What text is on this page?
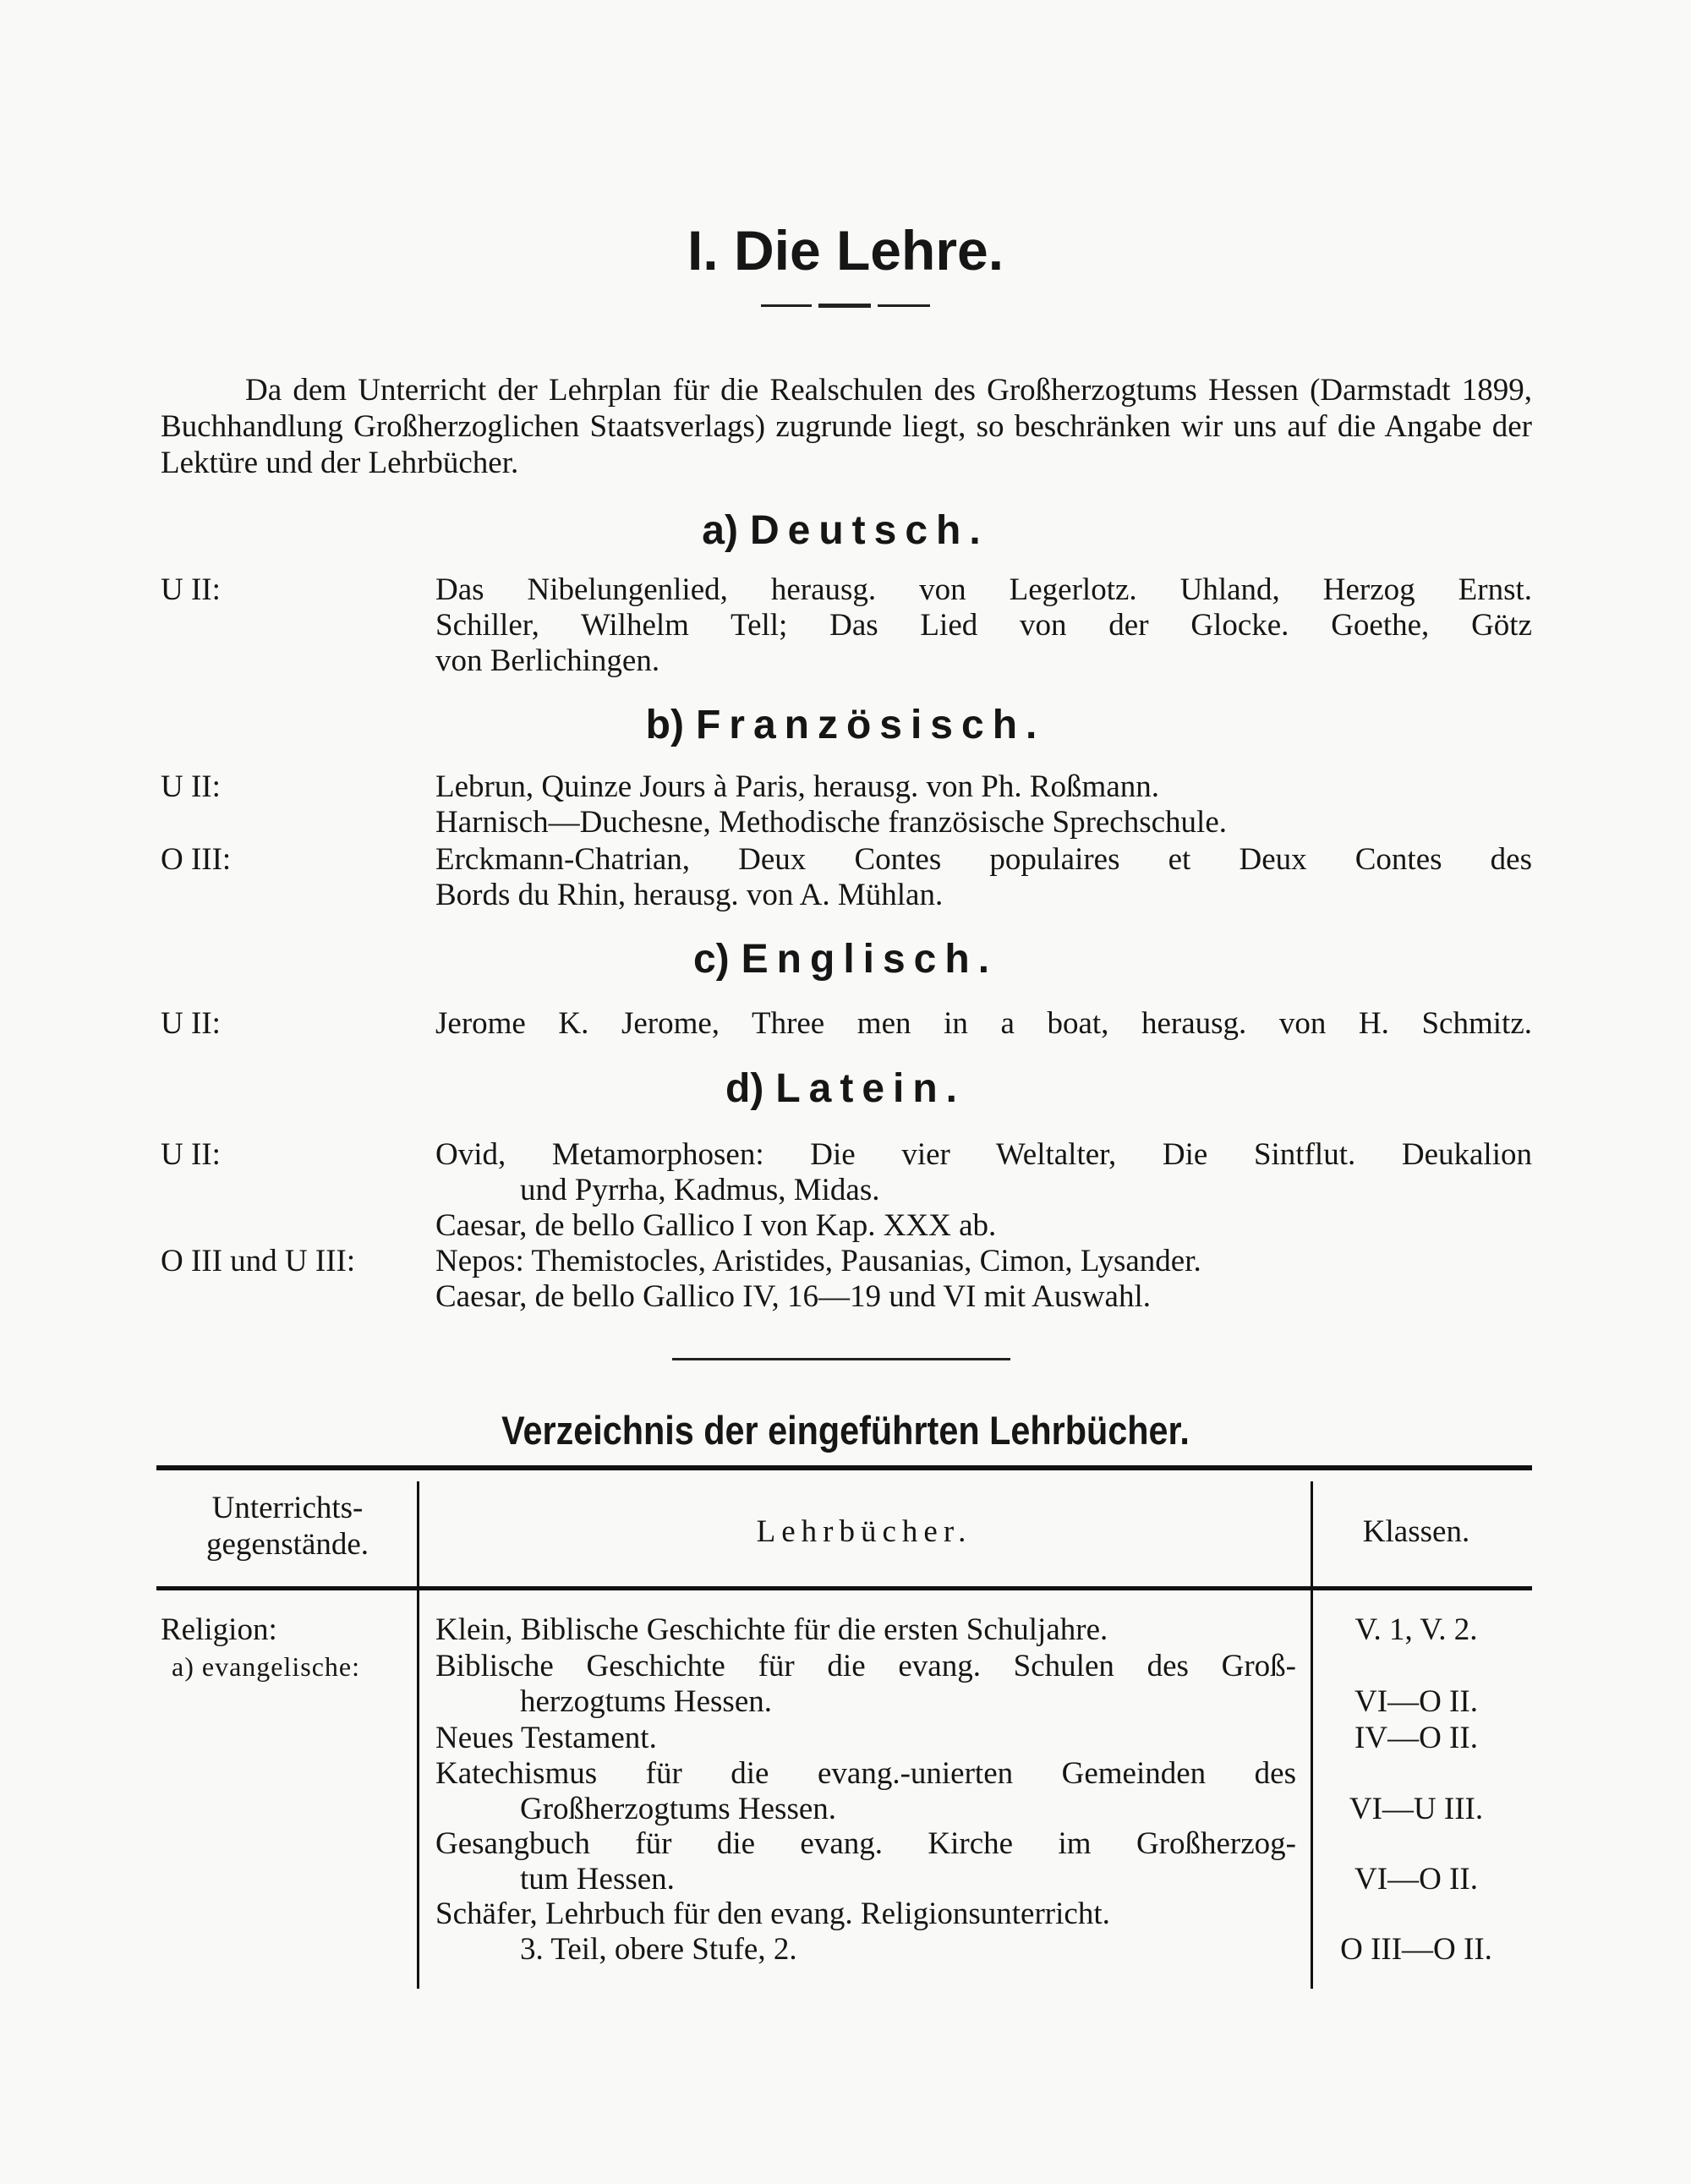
I. Die Lehre.

Da dem Unterricht der Lehrplan für die Realschulen des Großherzogtums Hessen (Darmstadt 1899, Buchhandlung Großherzoglichen Staatsverlags) zugrunde liegt, so beschränken wir uns auf die Angabe der Lektüre und der Lehrbücher.

a) Deutsch.
U II:	Das Nibelungenlied, herausg. von Legerlotz. Uhland, Herzog Ernst.
Schiller, Wilhelm Tell; Das Lied von der Glocke. Goethe, Götz
von Berlichingen.
b) Französisch.
U II:	Lebrun, Quinze Jours à Paris, herausg. von Ph. Roßmann.
Harnisch—Duchesne, Methodische französische Sprechschule.
O III:	Erckmann-Chatrian, Deux Contes populaires et Deux Contes des
Bords du Rhin, herausg. von A. Mühlan.
c) Englisch.
U II:	Jerome K. Jerome, Three men in a boat, herausg. von H. Schmitz.
d) Latein.
U II:	Ovid, Metamorphosen: Die vier Weltalter, Die Sintflut. Deukalion
und Pyrrha, Kadmus, Midas.
Caesar, de bello Gallico I von Kap. XXX ab.
O III und U III:	Nepos: Themistocles, Aristides, Pausanias, Cimon, Lysander.
Caesar, de bello Gallico IV, 16—19 und VI mit Auswahl.
Verzeichnis der eingeführten Lehrbücher.
Unterrichts-
gegenstände.	Lehrbücher.	Klassen.
Religion:	Klein, Biblische Geschichte für die ersten Schuljahre.	V. 1, V. 2.
a) evangelische: Biblische Geschichte für die evang. Schulen des Groß-
herzogtums Hessen.	VI—O II.
Neues Testament.	IV—O II.
Katechismus für die evang.-unierten Gemeinden des
Großherzogtums Hessen.	VI—U III.
Gesangbuch für die evang. Kirche im Großherzog-
tum Hessen.	VI—O II.
Schäfer, Lehrbuch für den evang. Religionsunterricht.
3. Teil, obere Stufe, 2.	O III—O II.
